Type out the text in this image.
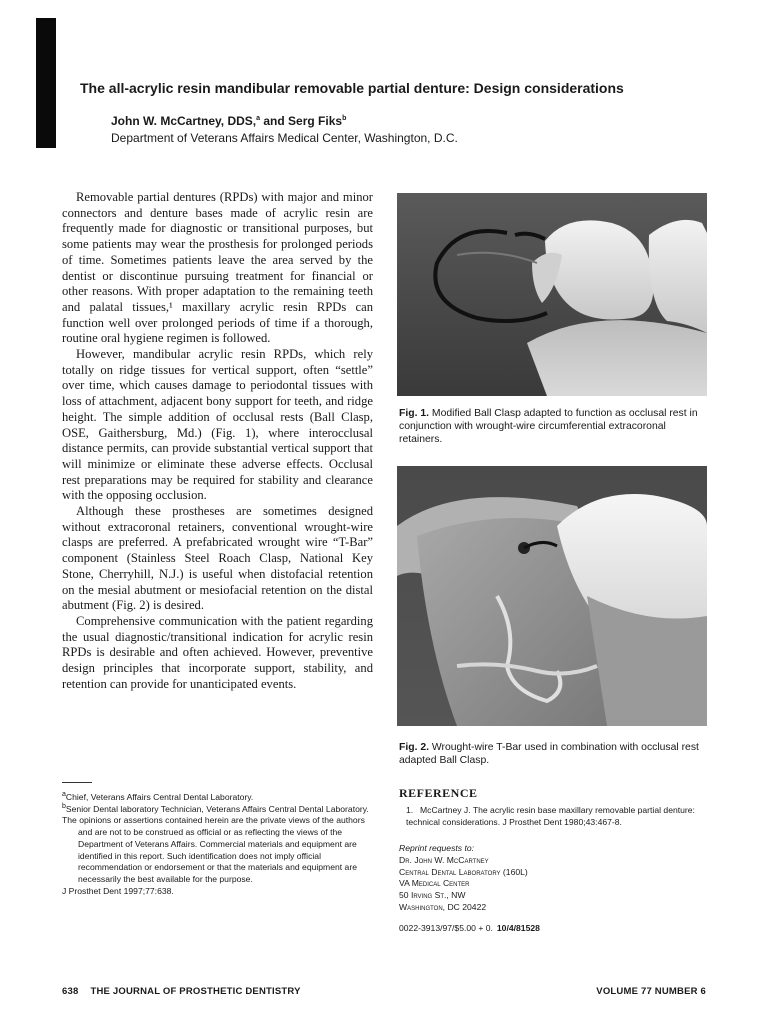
The all-acrylic resin mandibular removable partial denture: Design considerations
John W. McCartney, DDS,$^a$ and Serg Fiks$^b$
Department of Veterans Affairs Medical Center, Washington, D.C.

Removable partial dentures (RPDs) with major and minor connectors and denture bases made of acrylic resin are frequently made for diagnostic or transitional purposes, but some patients may wear the prosthesis for prolonged periods of time. Sometimes patients leave the area served by the dentist or discontinue pursuing treatment for financial or other reasons. With proper adaptation to the remaining teeth and palatal tissues,¹ maxillary acrylic resin RPDs can function well over prolonged periods of time if a thorough, routine oral hygiene regimen is followed.

However, mandibular acrylic resin RPDs, which rely totally on ridge tissues for vertical support, often “settle” over time, which causes damage to periodontal tissues with loss of attachment, adjacent bony support for teeth, and ridge height. The simple addition of occlusal rests (Ball Clasp, OSE, Gaithersburg, Md.) (Fig. 1), where interocclusal distance permits, can provide substantial vertical support that will minimize or eliminate these adverse effects. Occlusal rest preparations may be required for stability and clearance with the opposing occlusion.

Although these prostheses are sometimes designed without extracoronal retainers, conventional wrought-wire clasps are preferred. A prefabricated wrought wire “T-Bar” component (Stainless Steel Roach Clasp, National Key Stone, Cherryhill, N.J.) is useful when distofacial retention on the mesial abutment or mesiofacial retention on the distal abutment (Fig. 2) is desired.

Comprehensive communication with the patient regarding the usual diagnostic/transitional indication for acrylic resin RPDs is desirable and often achieved. However, preventive design principles that incorporate support, stability, and retention can provide for unanticipated events.

$^a$Chief, Veterans Affairs Central Dental Laboratory.

$^b$Senior Dental laboratory Technician, Veterans Affairs Central Dental Laboratory.

The opinions or assertions contained herein are the private views of the authors and are not to be construed as official or as reflecting the views of the Department of Veterans Affairs. Commercial materials and equipment are identified in this report. Such identification does not imply official recommendation or endorsement or that the materials and equipment are necessarily the best available for the purpose.

J Prosthet Dent 1997;77:638.

Fig. 1. Modified Ball Clasp adapted to function as occlusal rest in conjunction with wrought-wire circumferential extracoronal retainers.
Fig. 2. Wrought-wire T-Bar used in combination with occlusal rest adapted Ball Clasp.
REFERENCE
1. McCartney J. The acrylic resin base maxillary removable partial denture: technical considerations. J Prosthet Dent 1980;43:467-8.
Reprint requests to:
Dr. John W. McCartney
Central Dental Laboratory (160L)
VA Medical Center
50 Irving St., NW
Washington, DC 20422
0022-3913/97/$5.00 + 0. 10/4/81528
638 THE JOURNAL OF PROSTHETIC DENTISTRY	VOLUME 77 NUMBER 6
